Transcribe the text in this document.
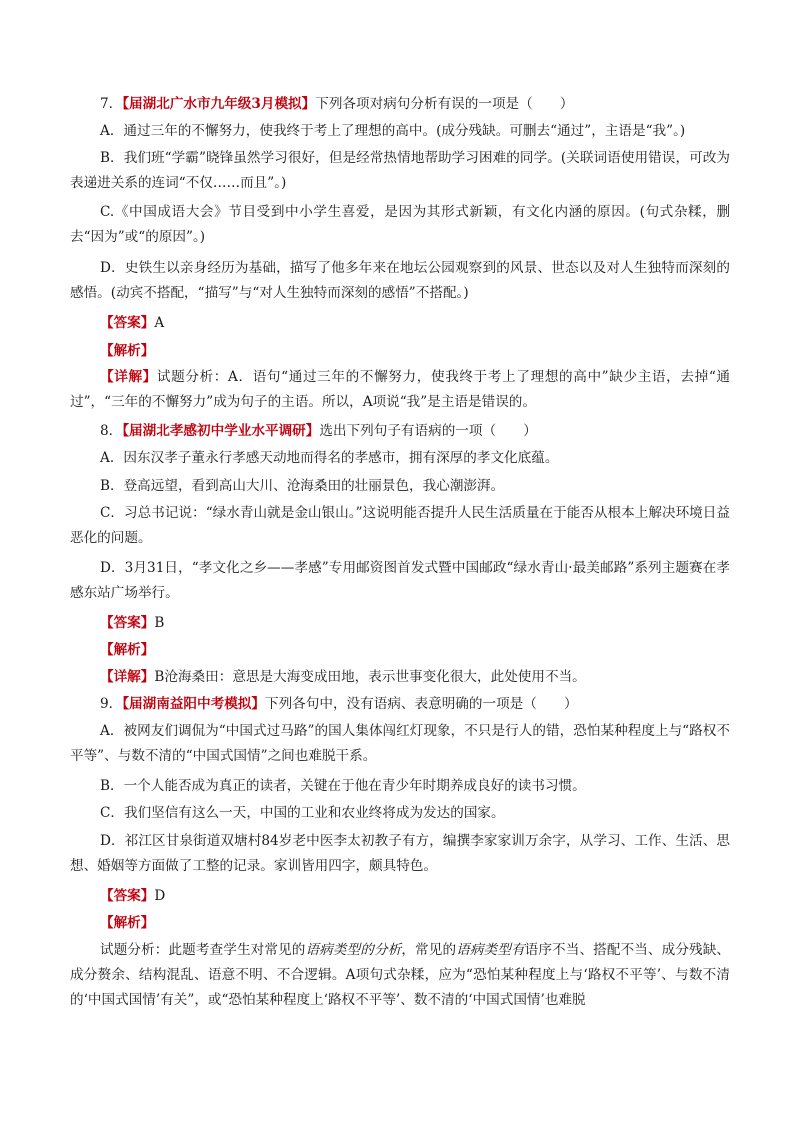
7．【届湖北广水市九年级3月模拟】下列各项对病句分析有误的一项是（　　）

A．通过三年的不懈努力，使我终于考上了理想的高中。(成分残缺。可删去“通过”，主语是“我”。)

B．我们班“学霸”晓锋虽然学习很好，但是经常热情地帮助学习困难的同学。(关联词语使用错误，可改为表递进关系的连词“不仅……而且”。)

C.《中国成语大会》节目受到中小学生喜爱，是因为其形式新颖，有文化内涵的原因。(句式杂糅，删去“因为”或“的原因”。)

D．史铁生以亲身经历为基础，描写了他多年来在地坛公园观察到的风景、世态以及对人生独特而深刻的感悟。(动宾不搭配，“描写”与“对人生独特而深刻的感悟”不搭配。)

【答案】A

【解析】

【详解】试题分析：A．语句“通过三年的不懈努力，使我终于考上了理想的高中”缺少主语，去掉“通过”，“三年的不懈努力”成为句子的主语。所以，A项说“我”是主语是错误的。

8．【届湖北孝感初中学业水平调研】选出下列句子有语病的一项（　　）

A．因东汉孝子董永行孝感天动地而得名的孝感市，拥有深厚的孝文化底蕴。

B．登高远望，看到高山大川、沧海桑田的壮丽景色，我心潮澎湃。

C．习总书记说：“绿水青山就是金山银山。”这说明能否提升人民生活质量在于能否从根本上解决环境日益恶化的问题。

D．3月31日，“孝文化之乡——孝感”专用邮资图首发式暨中国邮政“绿水青山·最美邮路”系列主题赛在孝感东站广场举行。

【答案】B

【解析】

【详解】B沧海桑田：意思是大海变成田地，表示世事变化很大，此处使用不当。

9．【届湖南益阳中考模拟】下列各句中，没有语病、表意明确的一项是（　　）

A．被网友们调侃为“中国式过马路”的国人集体闯红灯现象，不只是行人的错，恐怕某种程度上与“路权不平等”、与数不清的“中国式国情”之间也难脱干系。

B．一个人能否成为真正的读者，关键在于他在青少年时期养成良好的读书习惯。

C．我们坚信有这么一天，中国的工业和农业终将成为发达的国家。

D．祁江区甘泉街道双塘村84岁老中医李太初教子有方，编撰李家家训万余字，从学习、工作、生活、思想、婚姻等方面做了工整的记录。家训皆用四字，颇具特色。

【答案】D

【解析】

试题分析：此题考查学生对常见的语病类型的分析，常见的语病类型有语序不当、搭配不当、成分残缺、成分赘余、结构混乱、语意不明、不合逻辑。A项句式杂糅，应为“恐怕某种程度上与‘路权不平等’、与数不清的‘中国式国情’有关”，或“恐怕某种程度上‘路权不平等’、数不清的‘中国式国情’也难脱
